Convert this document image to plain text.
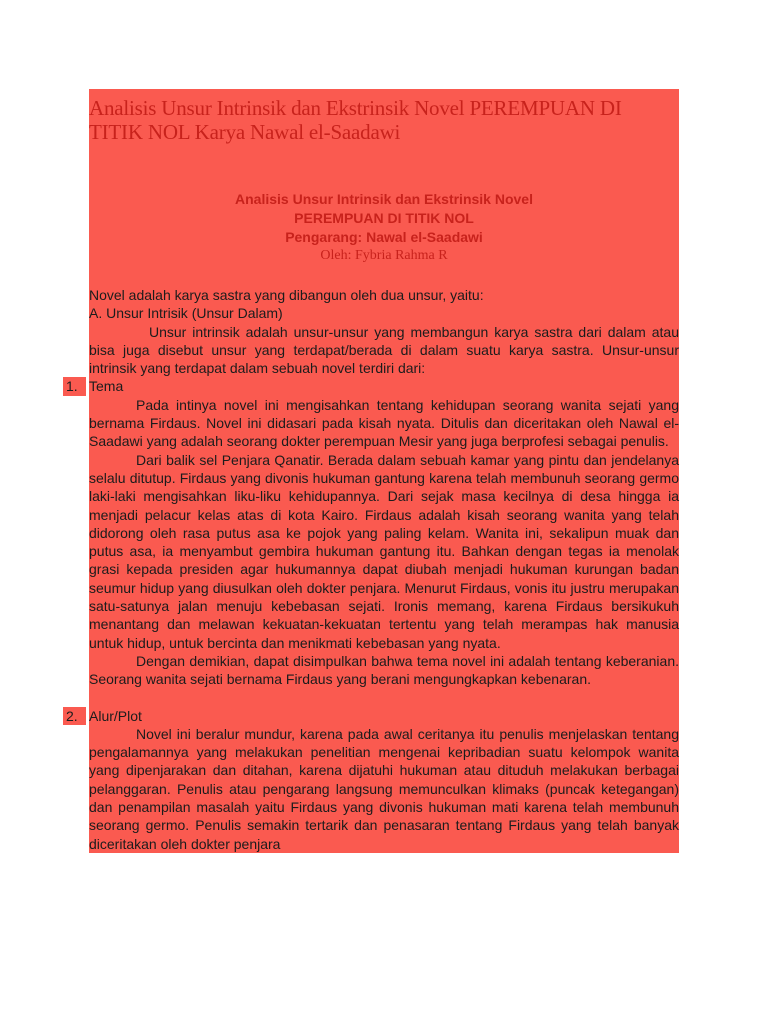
Analisis Unsur Intrinsik dan Ekstrinsik Novel PEREMPUAN DI TITIK NOL Karya Nawal el-Saadawi
Analisis Unsur Intrinsik dan Ekstrinsik Novel
PEREMPUAN DI TITIK NOL
Pengarang: Nawal el-Saadawi
Oleh: Fybria Rahma R

Novel adalah karya sastra yang dibangun oleh dua unsur, yaitu:

A. Unsur Intrisik (Unsur Dalam)

Unsur intrinsik adalah unsur-unsur yang membangun karya sastra dari dalam atau bisa juga disebut unsur yang terdapat/berada di dalam suatu karya sastra. Unsur-unsur intrinsik yang terdapat dalam sebuah novel terdiri dari:

1. Tema

Pada intinya novel ini mengisahkan tentang kehidupan seorang wanita sejati yang bernama Firdaus. Novel ini didasari pada kisah nyata. Ditulis dan diceritakan oleh Nawal el-Saadawi yang adalah seorang dokter perempuan Mesir yang juga berprofesi sebagai penulis.

Dari balik sel Penjara Qanatir. Berada dalam sebuah kamar yang pintu dan jendelanya selalu ditutup. Firdaus yang divonis hukuman gantung karena telah membunuh seorang germo laki-laki mengisahkan liku-liku kehidupannya. Dari sejak masa kecilnya di desa hingga ia menjadi pelacur kelas atas di kota Kairo. Firdaus adalah kisah seorang wanita yang telah didorong oleh rasa putus asa ke pojok yang paling kelam. Wanita ini, sekalipun muak dan putus asa, ia menyambut gembira hukuman gantung itu. Bahkan dengan tegas ia menolak grasi kepada presiden agar hukumannya dapat diubah menjadi hukuman kurungan badan seumur hidup yang diusulkan oleh dokter penjara. Menurut Firdaus, vonis itu justru merupakan satu-satunya jalan menuju kebebasan sejati. Ironis memang, karena Firdaus bersikukuh menantang dan melawan kekuatan-kekuatan tertentu yang telah merampas hak manusia untuk hidup, untuk bercinta dan menikmati kebebasan yang nyata.

Dengan demikian, dapat disimpulkan bahwa tema novel ini adalah tentang keberanian. Seorang wanita sejati bernama Firdaus yang berani mengungkapkan kebenaran.

2. Alur/Plot

Novel ini beralur mundur, karena pada awal ceritanya itu penulis menjelaskan tentang pengalamannya yang melakukan penelitian mengenai kepribadian suatu kelompok wanita yang dipenjarakan dan ditahan, karena dijatuhi hukuman atau dituduh melakukan berbagai pelanggaran. Penulis atau pengarang langsung memunculkan klimaks (puncak ketegangan) dan penampilan masalah yaitu Firdaus yang divonis hukuman mati karena telah membunuh seorang germo. Penulis semakin tertarik dan penasaran tentang Firdaus yang telah banyak diceritakan oleh dokter penjara
